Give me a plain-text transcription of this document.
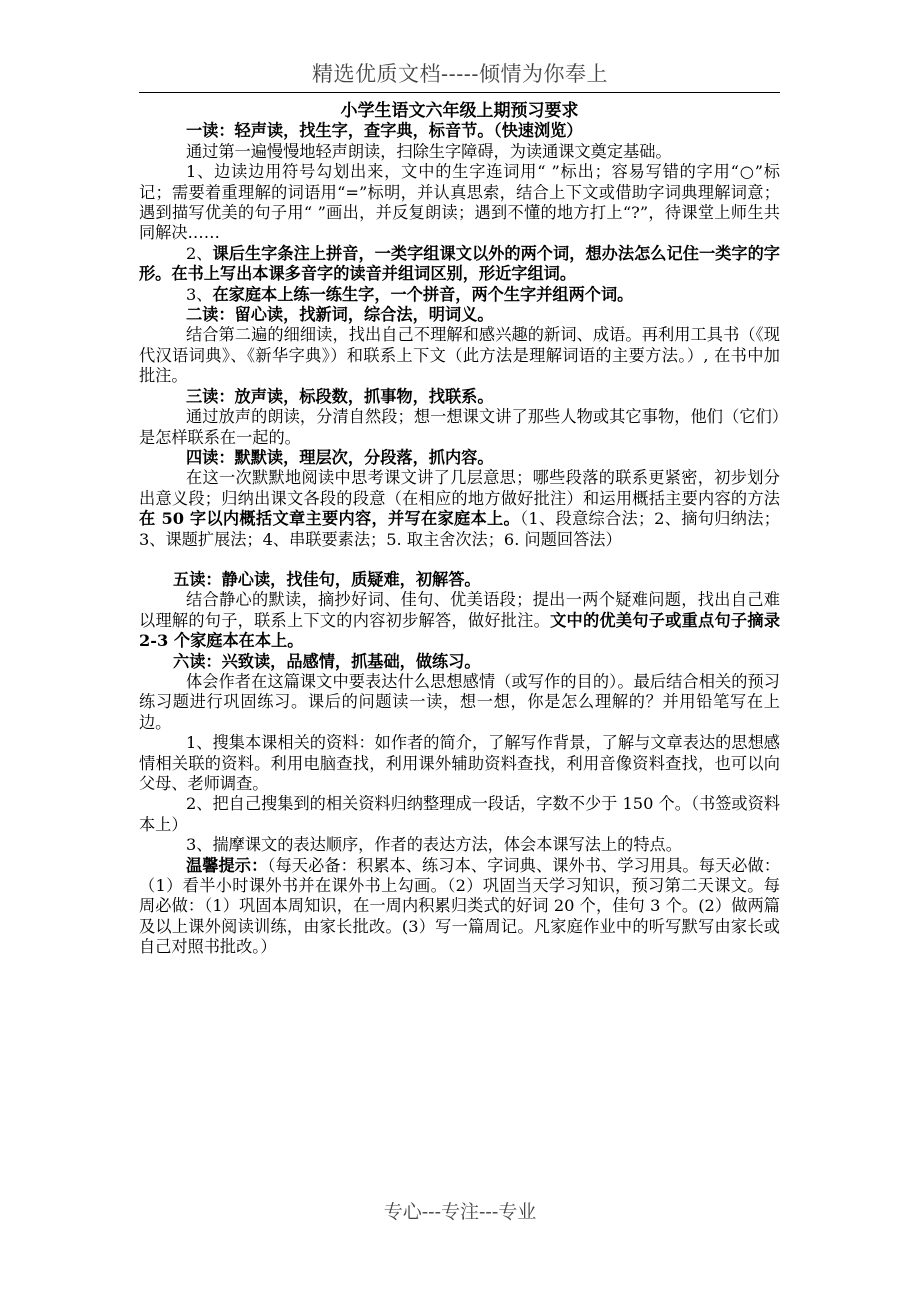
精选优质文档-----倾情为你奉上

小学生语文六年级上期预习要求

一读：轻声读，找生字，查字典，标音节。（快速浏览）

通过第一遍慢慢地轻声朗读，扫除生字障碍，为读通课文奠定基础。

1、边读边用符号勾划出来，文中的生字连词用“ ”标出；容易写错的字用“○”标记；需要着重理解的词语用“=”标明，并认真思索，结合上下文或借助字词典理解词意；遇到描写优美的句子用“ ”画出，并反复朗读；遇到不懂的地方打上“?”，待课堂上师生共同解决……

2、课后生字条注上拼音，一类字组课文以外的两个词，想办法怎么记住一类字的字形。在书上写出本课多音字的读音并组词区别，形近字组词。

3、在家庭本上练一练生字，一个拼音，两个生字并组两个词。

二读：留心读，找新词，综合法，明词义。

结合第二遍的细细读，找出自己不理解和感兴趣的新词、成语。再利用工具书（《现代汉语词典》、《新华字典》）和联系上下文（此方法是理解词语的主要方法。）, 在书中加批注。

三读：放声读，标段数，抓事物，找联系。

通过放声的朗读，分清自然段；想一想课文讲了那些人物或其它事物，他们（它们）是怎样联系在一起的。

四读：默默读，理层次，分段落，抓内容。

在这一次默默地阅读中思考课文讲了几层意思；哪些段落的联系更紧密，初步划分出意义段；归纳出课文各段的段意（在相应的地方做好批注）和运用概括主要内容的方法在 50 字以内概括文章主要内容，并写在家庭本上。（1、段意综合法；2、摘句归纳法；3、课题扩展法；4、串联要素法；5. 取主舍次法；6. 问题回答法）

五读：静心读，找佳句，质疑难，初解答。

结合静心的默读，摘抄好词、佳句、优美语段；提出一两个疑难问题，找出自己难以理解的句子，联系上下文的内容初步解答，做好批注。文中的优美句子或重点句子摘录 2-3 个家庭本在本上。

六读：兴致读，品感情，抓基础，做练习。

体会作者在这篇课文中要表达什么思想感情（或写作的目的）。最后结合相关的预习练习题进行巩固练习。课后的问题读一读，想一想，你是怎么理解的？并用铅笔写在上边。

1、搜集本课相关的资料：如作者的简介，了解写作背景，了解与文章表达的思想感情相关联的资料。利用电脑查找，利用课外辅助资料查找，利用音像资料查找，也可以向父母、老师调查。

2、把自己搜集到的相关资料归纳整理成一段话，字数不少于 150 个。（书签或资料本上）

3、揣摩课文的表达顺序，作者的表达方法，体会本课写法上的特点。

温馨提示：（每天必备：积累本、练习本、字词典、课外书、学习用具。每天必做：（1）看半小时课外书并在课外书上勾画。（2）巩固当天学习知识，预习第二天课文。每周必做：（1）巩固本周知识，在一周内积累归类式的好词 20 个，佳句 3 个。(2）做两篇及以上课外阅读训练，由家长批改。(3）写一篇周记。凡家庭作业中的听写默写由家长或自己对照书批改。）

专心---专注---专业
